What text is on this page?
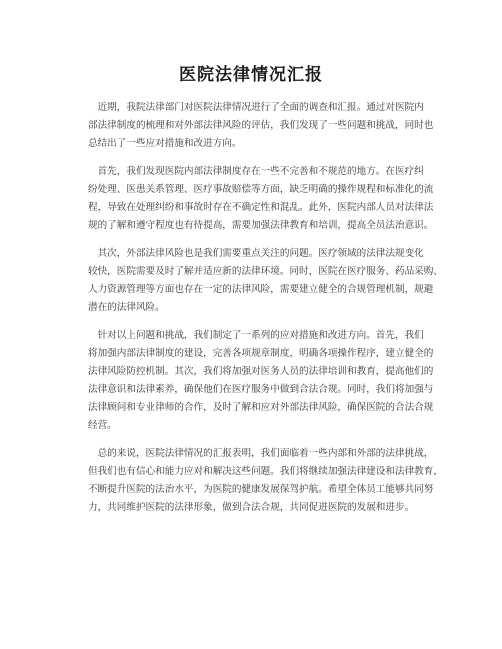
医院法律情况汇报

　近期，我院法律部门对医院法律情况进行了全面的调查和汇报。通过对医院内
部法律制度的梳理和对外部法律风险的评估，我们发现了一些问题和挑战，同时也
总结出了一些应对措施和改进方向。

　首先，我们发现医院内部法律制度存在一些不完善和不规范的地方。在医疗纠
纷处理、医患关系管理、医疗事故赔偿等方面，缺乏明确的操作规程和标准化的流
程，导致在处理纠纷和事故时存在不确定性和混乱。此外，医院内部人员对法律法
规的了解和遵守程度也有待提高，需要加强法律教育和培训，提高全员法治意识。

　其次，外部法律风险也是我们需要重点关注的问题。医疗领域的法律法规变化
较快，医院需要及时了解并适应新的法律环境。同时，医院在医疗服务、药品采购、
人力资源管理等方面也存在一定的法律风险，需要建立健全的合规管理机制，规避
潜在的法律风险。

　针对以上问题和挑战，我们制定了一系列的应对措施和改进方向。首先，我们
将加强内部法律制度的建设，完善各项规章制度，明确各项操作程序，建立健全的
法律风险防控机制。其次，我们将加强对医务人员的法律培训和教育，提高他们的
法律意识和法律素养，确保他们在医疗服务中做到合法合规。同时，我们将加强与
法律顾问和专业律师的合作，及时了解和应对外部法律风险，确保医院的合法合规
经营。

　总的来说，医院法律情况的汇报表明，我们面临着一些内部和外部的法律挑战，
但我们也有信心和能力应对和解决这些问题。我们将继续加强法律建设和法律教育，
不断提升医院的法治水平，为医院的健康发展保驾护航。希望全体员工能够共同努
力，共同维护医院的法律形象，做到合法合规，共同促进医院的发展和进步。
